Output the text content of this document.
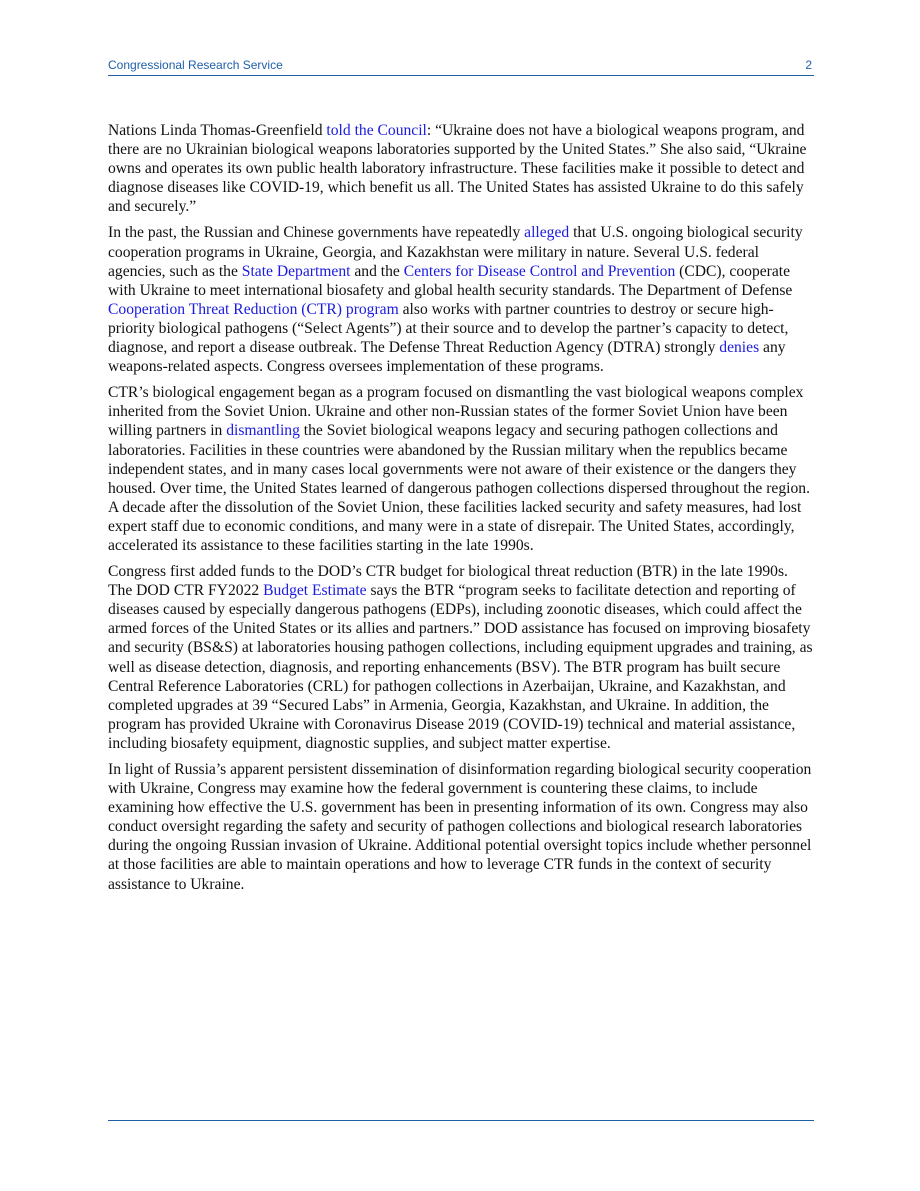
Congressional Research Service	2

Nations Linda Thomas-Greenfield told the Council: “Ukraine does not have a biological weapons program, and there are no Ukrainian biological weapons laboratories supported by the United States.” She also said, “Ukraine owns and operates its own public health laboratory infrastructure. These facilities make it possible to detect and diagnose diseases like COVID-19, which benefit us all. The United States has assisted Ukraine to do this safely and securely.”

In the past, the Russian and Chinese governments have repeatedly alleged that U.S. ongoing biological security cooperation programs in Ukraine, Georgia, and Kazakhstan were military in nature. Several U.S. federal agencies, such as the State Department and the Centers for Disease Control and Prevention (CDC), cooperate with Ukraine to meet international biosafety and global health security standards. The Department of Defense Cooperation Threat Reduction (CTR) program also works with partner countries to destroy or secure high-priority biological pathogens (“Select Agents”) at their source and to develop the partner’s capacity to detect, diagnose, and report a disease outbreak. The Defense Threat Reduction Agency (DTRA) strongly denies any weapons-related aspects. Congress oversees implementation of these programs.

CTR’s biological engagement began as a program focused on dismantling the vast biological weapons complex inherited from the Soviet Union. Ukraine and other non-Russian states of the former Soviet Union have been willing partners in dismantling the Soviet biological weapons legacy and securing pathogen collections and laboratories. Facilities in these countries were abandoned by the Russian military when the republics became independent states, and in many cases local governments were not aware of their existence or the dangers they housed. Over time, the United States learned of dangerous pathogen collections dispersed throughout the region. A decade after the dissolution of the Soviet Union, these facilities lacked security and safety measures, had lost expert staff due to economic conditions, and many were in a state of disrepair. The United States, accordingly, accelerated its assistance to these facilities starting in the late 1990s.

Congress first added funds to the DOD’s CTR budget for biological threat reduction (BTR) in the late 1990s. The DOD CTR FY2022 Budget Estimate says the BTR “program seeks to facilitate detection and reporting of diseases caused by especially dangerous pathogens (EDPs), including zoonotic diseases, which could affect the armed forces of the United States or its allies and partners.” DOD assistance has focused on improving biosafety and security (BS&S) at laboratories housing pathogen collections, including equipment upgrades and training, as well as disease detection, diagnosis, and reporting enhancements (BSV). The BTR program has built secure Central Reference Laboratories (CRL) for pathogen collections in Azerbaijan, Ukraine, and Kazakhstan, and completed upgrades at 39 “Secured Labs” in Armenia, Georgia, Kazakhstan, and Ukraine. In addition, the program has provided Ukraine with Coronavirus Disease 2019 (COVID-19) technical and material assistance, including biosafety equipment, diagnostic supplies, and subject matter expertise.

In light of Russia’s apparent persistent dissemination of disinformation regarding biological security cooperation with Ukraine, Congress may examine how the federal government is countering these claims, to include examining how effective the U.S. government has been in presenting information of its own. Congress may also conduct oversight regarding the safety and security of pathogen collections and biological research laboratories during the ongoing Russian invasion of Ukraine. Additional potential oversight topics include whether personnel at those facilities are able to maintain operations and how to leverage CTR funds in the context of security assistance to Ukraine.
